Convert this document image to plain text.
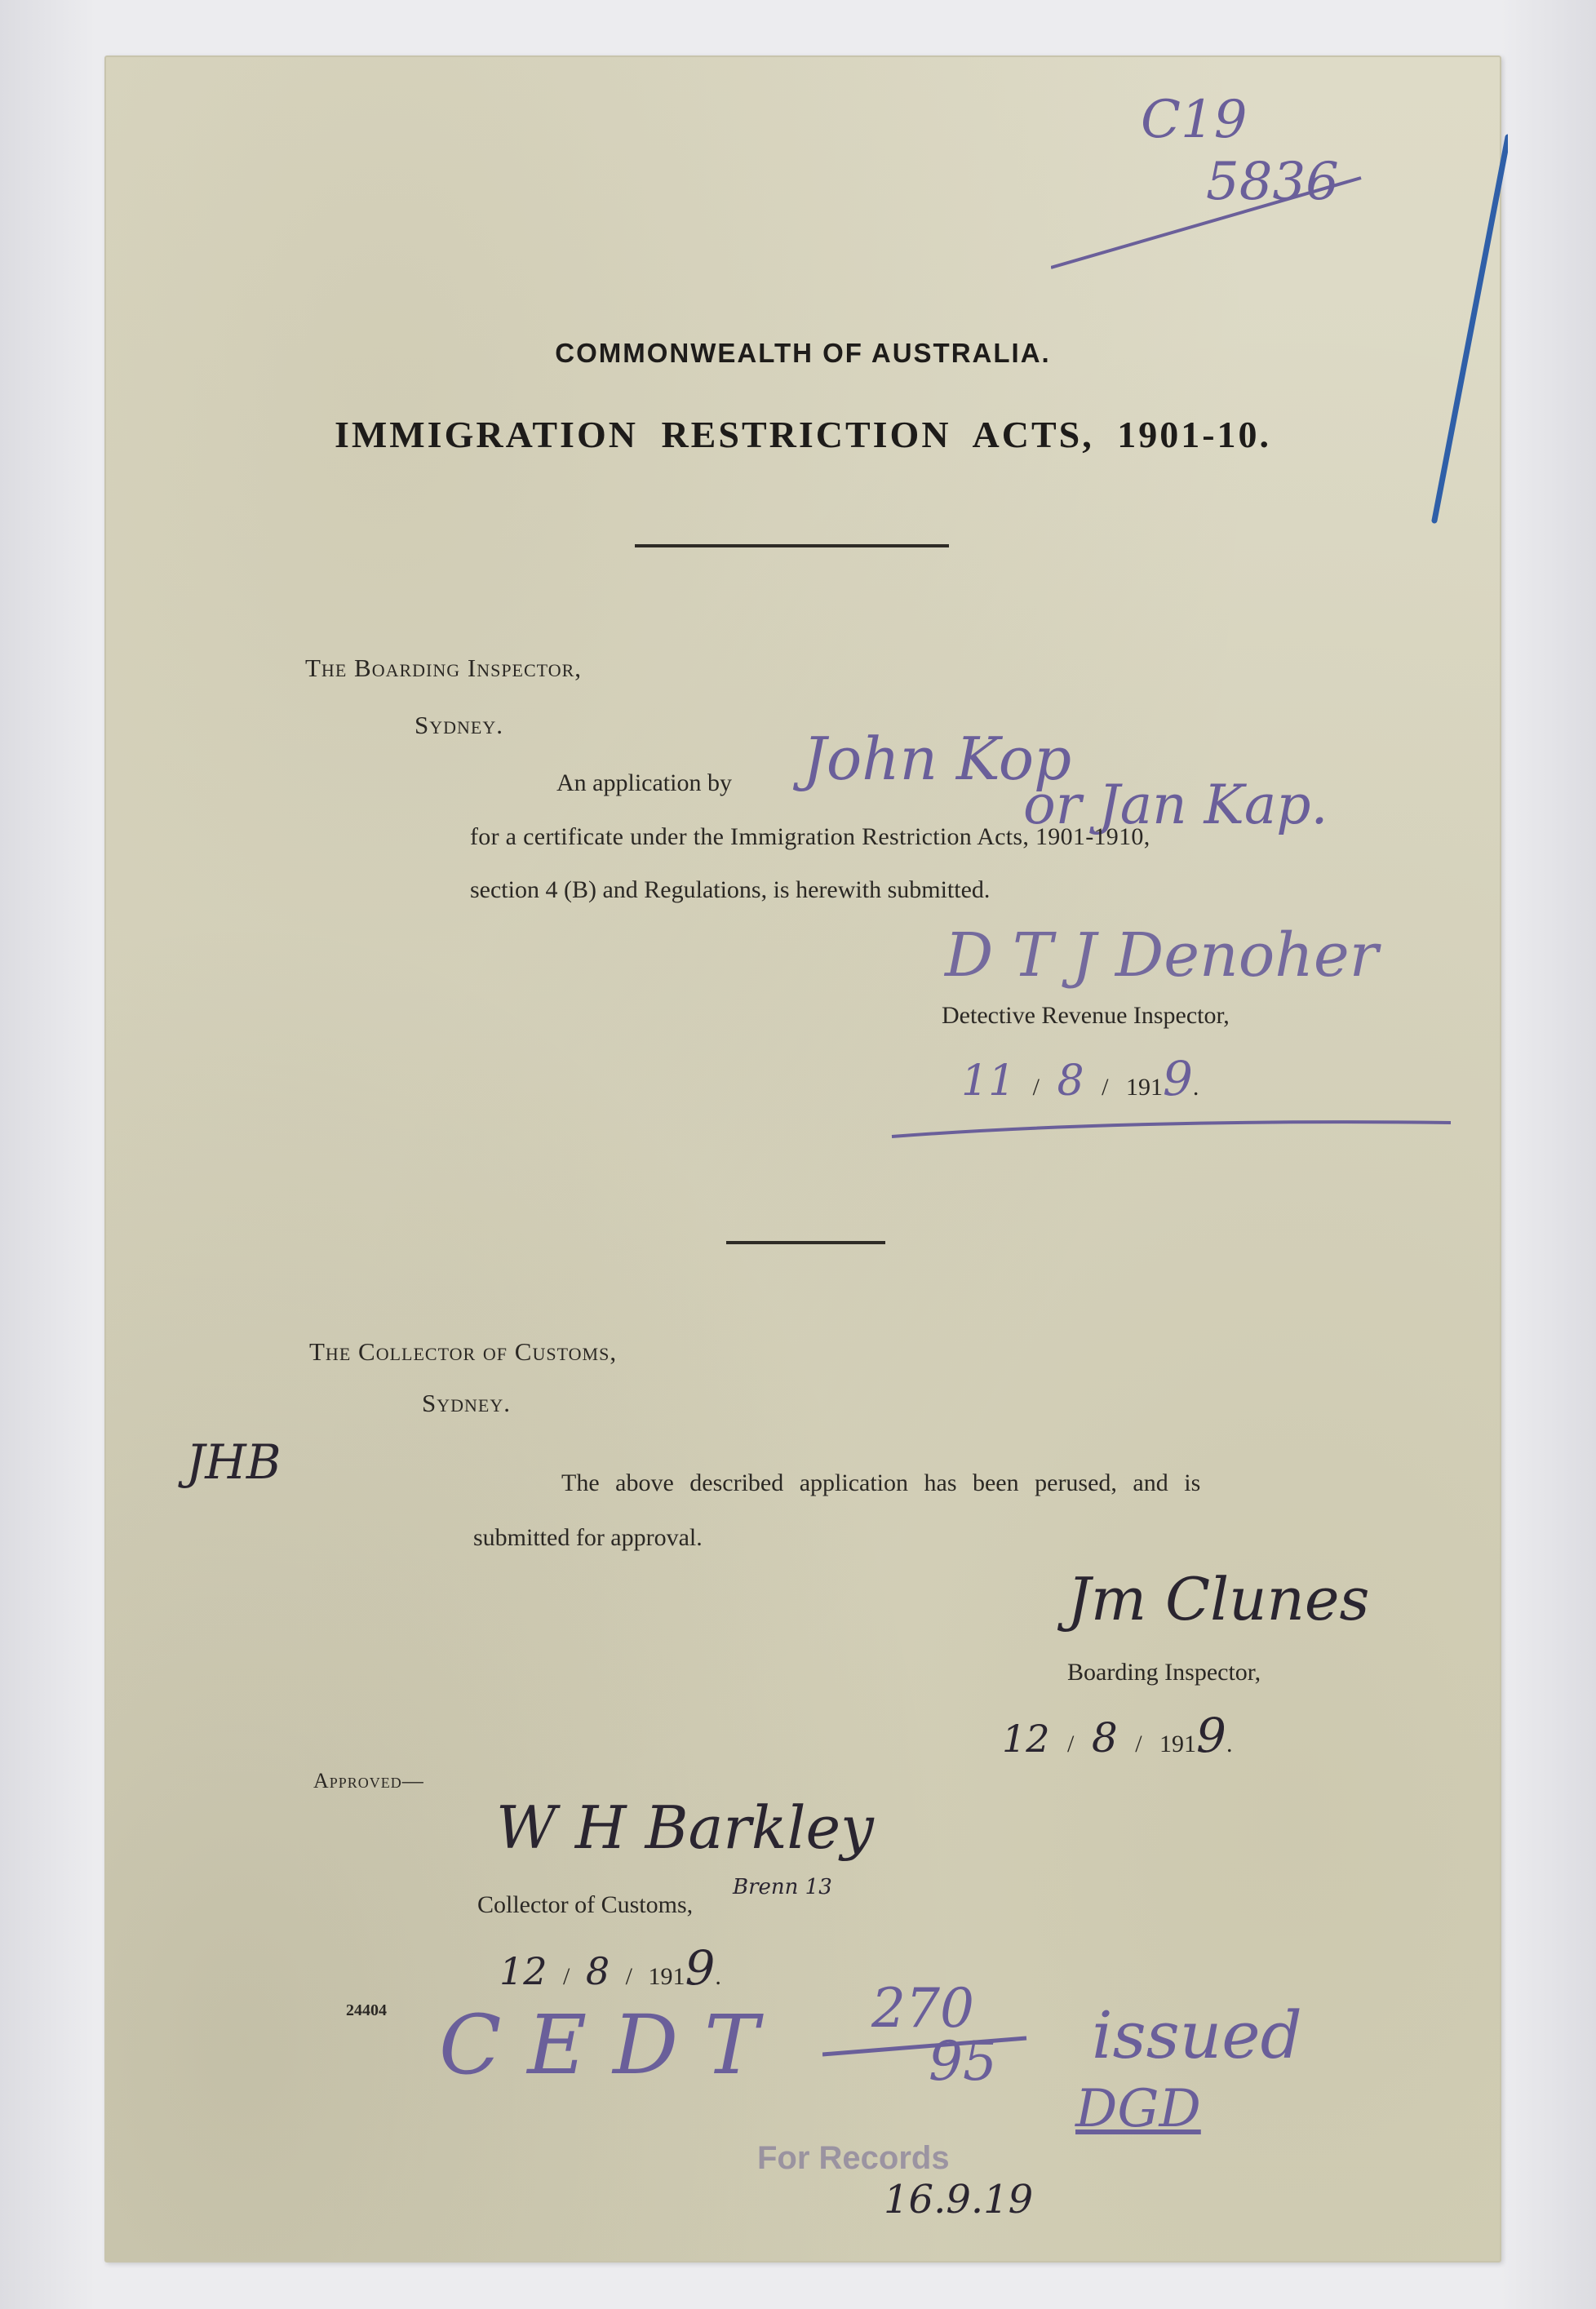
C19
5836
COMMONWEALTH OF AUSTRALIA.
IMMIGRATION RESTRICTION ACTS, 1901-10.
The Boarding Inspector,
Sydney.
An application by John Kop
or Jan Kap.
for a certificate under the Immigration Restriction Acts, 1901-1910,
section 4 (B) and Regulations, is herewith submitted.
D T J Denoher
Detective Revenue Inspector,
11 / 8 / 1919.
The Collector of Customs,
Sydney.
JHB	The above described application has been perused, and is
submitted for approval.
Jm Clunes
Boarding Inspector,
12 / 8 / 1919.
Approved—
W H Barkley
Brenn 13
Collector of Customs,
12 / 8 / 1919.
24404 C E D T 270
95 issued
DGD
For Records
16.9.19
